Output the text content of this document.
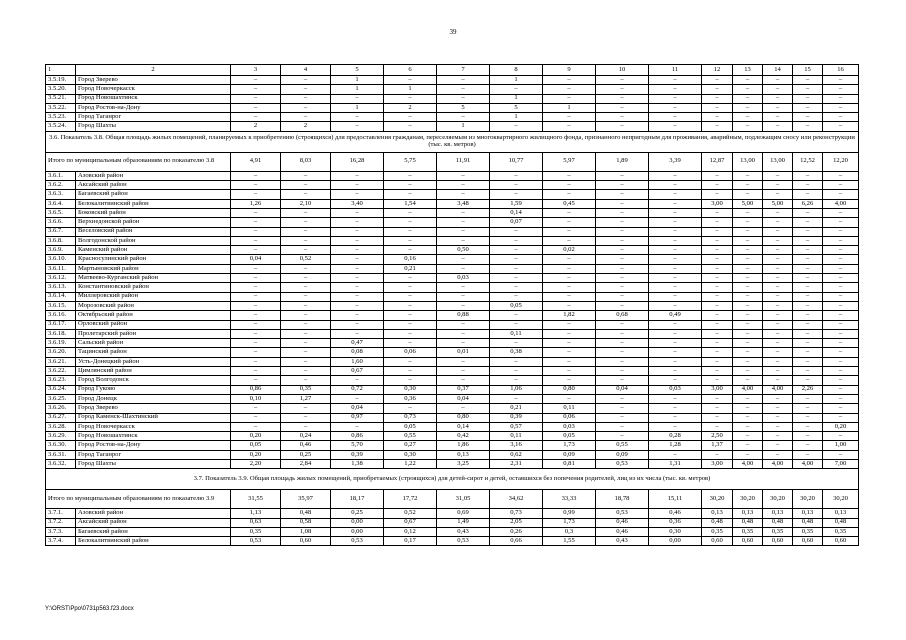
39
1	2	3	4	5	6	7	8	9	10	11	12	13	14	15	16
3.5.19.	Город Зверево	–	–	1	–	–	1	–	–	–	–	–	–	–	–
3.5.20.	Город Новочеркасск	–	–	1	1	–	–	–	–	–	–	–	–	–	–
3.5.21.	Город Новошахтинск	–	–	–	–	–	1	–	–	–	–	–	–	–	–
3.5.22.	Город Ростов-на-Дону	–	–	1	2	5	5	1	–	–	–	–	–	–	–
3.5.23.	Город Таганрог	–	–	–	–	–	1	–	–	–	–	–	–	–	–
3.5.24.	Город Шахты	2	2	–	–	1	–	–	–	–	–	–	–	–	–
3.6. Показатель 3.8. Общая площадь жилых помещений, планируемых к приобретению (строящихся) для предоставления гражданам, переселяемым из многоквартирного жилищного фонда, признанного непригодным для проживания, аварийным, подлежащим сносу или реконструкции (тыс. кв. метров)															
Итого по муниципальным образованиям по показателю 3.8		4,91	8,03	16,28	5,75	11,91	10,77	5,97	1,89	3,39	12,87	13,00	13,00	12,52	12,20
3.6.1.	Азовский район	–	–	–	–	–	–	–	–	–	–	–	–	–	–
3.6.2.	Аксайский район	–	–	–	–	–	–	–	–	–	–	–	–	–	–
3.6.3.	Багаевский район	–	–	–	–	–	–	–	–	–	–	–	–	–	–
3.6.4.	Белокалитвинский район	1,26	2,10	3,40	1,54	3,48	1,59	0,45	–	–	3,00	5,00	5,00	6,26	4,00
3.6.5.	Боковский район	–	–	–	–	–	0,14	–	–	–	–	–	–	–	–
3.6.6.	Верхнедонской район	–	–	–	–	–	0,07	–	–	–	–	–	–	–	–
3.6.7.	Веселовский район	–	–	–	–	–	–	–	–	–	–	–	–	–	–
3.6.8.	Волгодонской район	–	–	–	–	–	–	–	–	–	–	–	–	–	–
3.6.9.	Каменский район	–	–	–	–	0,50	–	0,02	–	–	–	–	–	–	–
3.6.10.	Красносулинский район	0,04	0,52	–	0,16	–	–	–	–	–	–	–	–	–	–
3.6.11.	Мартыновский район	–	–	–	0,21	–	–	–	–	–	–	–	–	–	–
3.6.12.	Матвеево-Курганский район	–	–	–	–	0,03	–	–	–	–	–	–	–	–	–
3.6.13.	Константиновский район	–	–	–	–	–	–	–	–	–	–	–	–	–	–
3.6.14.	Миллеровский район	–	–	–	–	–	–	–	–	–	–	–	–	–	–
3.6.15.	Морозовский район	–	–	–	–	–	0,05	–	–	–	–	–	–	–	–
3.6.16.	Октябрьский район	–	–	–	–	0,88	–	1,82	0,68	0,49	–	–	–	–	–
3.6.17.	Орловский район	–	–	–	–	–	–	–	–	–	–	–	–	–	–
3.6.18.	Пролетарский район	–	–	–	–	–	0,11	–	–	–	–	–	–	–	–
3.6.19.	Сальский район	–	–	0,47	–	–	–	–	–	–	–	–	–	–	–
3.6.20.	Тацинский район	–	–	0,08	0,06	0,01	0,38	–	–	–	–	–	–	–	–
3.6.21.	Усть-Донецкий район	–	–	1,60	–	–	–	–	–	–	–	–	–	–	–
3.6.22.	Цимлянский район	–	–	0,67	–	–	–	–	–	–	–	–	–	–	–
3.6.23.	Город Волгодонск	–	–	–	–	–	–	–	–	–	–	–	–	–	–
3.6.24.	Город Гуково	0,86	0,35	0,72	0,30	0,37	1,06	0,80	0,04	0,03	3,00	4,00	4,00	2,26	–
3.6.25.	Город Донецк	0,10	1,27	–	0,36	0,04	–	–	–	–	–	–	–	–	–
3.6.26.	Город Зверево	–	–	0,04	–	–	0,21	0,11	–	–	–	–	–	–	–
3.6.27.	Город Каменск-Шахтинский	–	–	0,97	0,73	0,80	0,39	0,06	–	–	–	–	–	–	–
3.6.28.	Город Новочеркасск	–	–	–	0,05	0,14	0,57	0,03	–	–	–	–	–	–	0,20
3.6.29.	Город Новошахтинск	0,20	0,24	0,86	0,55	0,42	0,11	0,05	–	0,28	2,50	–	–	–	–
3.6.30.	Город Ростов-на-Дону	0,05	0,46	5,70	0,27	1,86	3,16	1,73	0,55	1,28	1,37	–	–	–	1,00
3.6.31.	Город Таганрог	0,20	0,25	0,39	0,30	0,13	0,62	0,09	0,09	–	–	–	–	–	–
3.6.32.	Город Шахты	2,20	2,84	1,38	1,22	3,25	2,31	0,81	0,53	1,31	3,00	4,00	4,00	4,00	7,00
3.7. Показатель 3.9. Общая площадь жилых помещений, приобретаемых (строящихся) для детей-сирот и детей, оставшихся без попечения родителей, лиц из их числа (тыс. кв. метров)															
Итого по муниципальным образованиям по показателю 3.9		31,55	35,97	18,17	17,72	31,05	34,62	33,33	18,78	15,11	30,20	30,20	30,20	30,20	30,20
3.7.1.	Азовский район	1,13	0,48	0,25	0,52	0,69	0,73	0,99	0,53	0,46	0,13	0,13	0,13	0,13	0,13
3.7.2.	Аксайский район	0,63	0,58	0,00	0,67	1,49	2,05	1,73	0,46	0,36	0,48	0,48	0,48	0,48	0,48
3.7.3.	Багаевский район	0,35	1,08	0,00	0,12	0,43	0,26	0,3	0,46	0,30	0,35	0,35	0,35	0,35	0,35
3.7.4.	Белокалитвинский район	0,53	0,60	0,53	0,17	0,53	0,66	1,55	0,43	0,00	0,60	0,60	0,60	0,60	0,60
Y:\ORST\Ppo\0731p563.f23.docx
